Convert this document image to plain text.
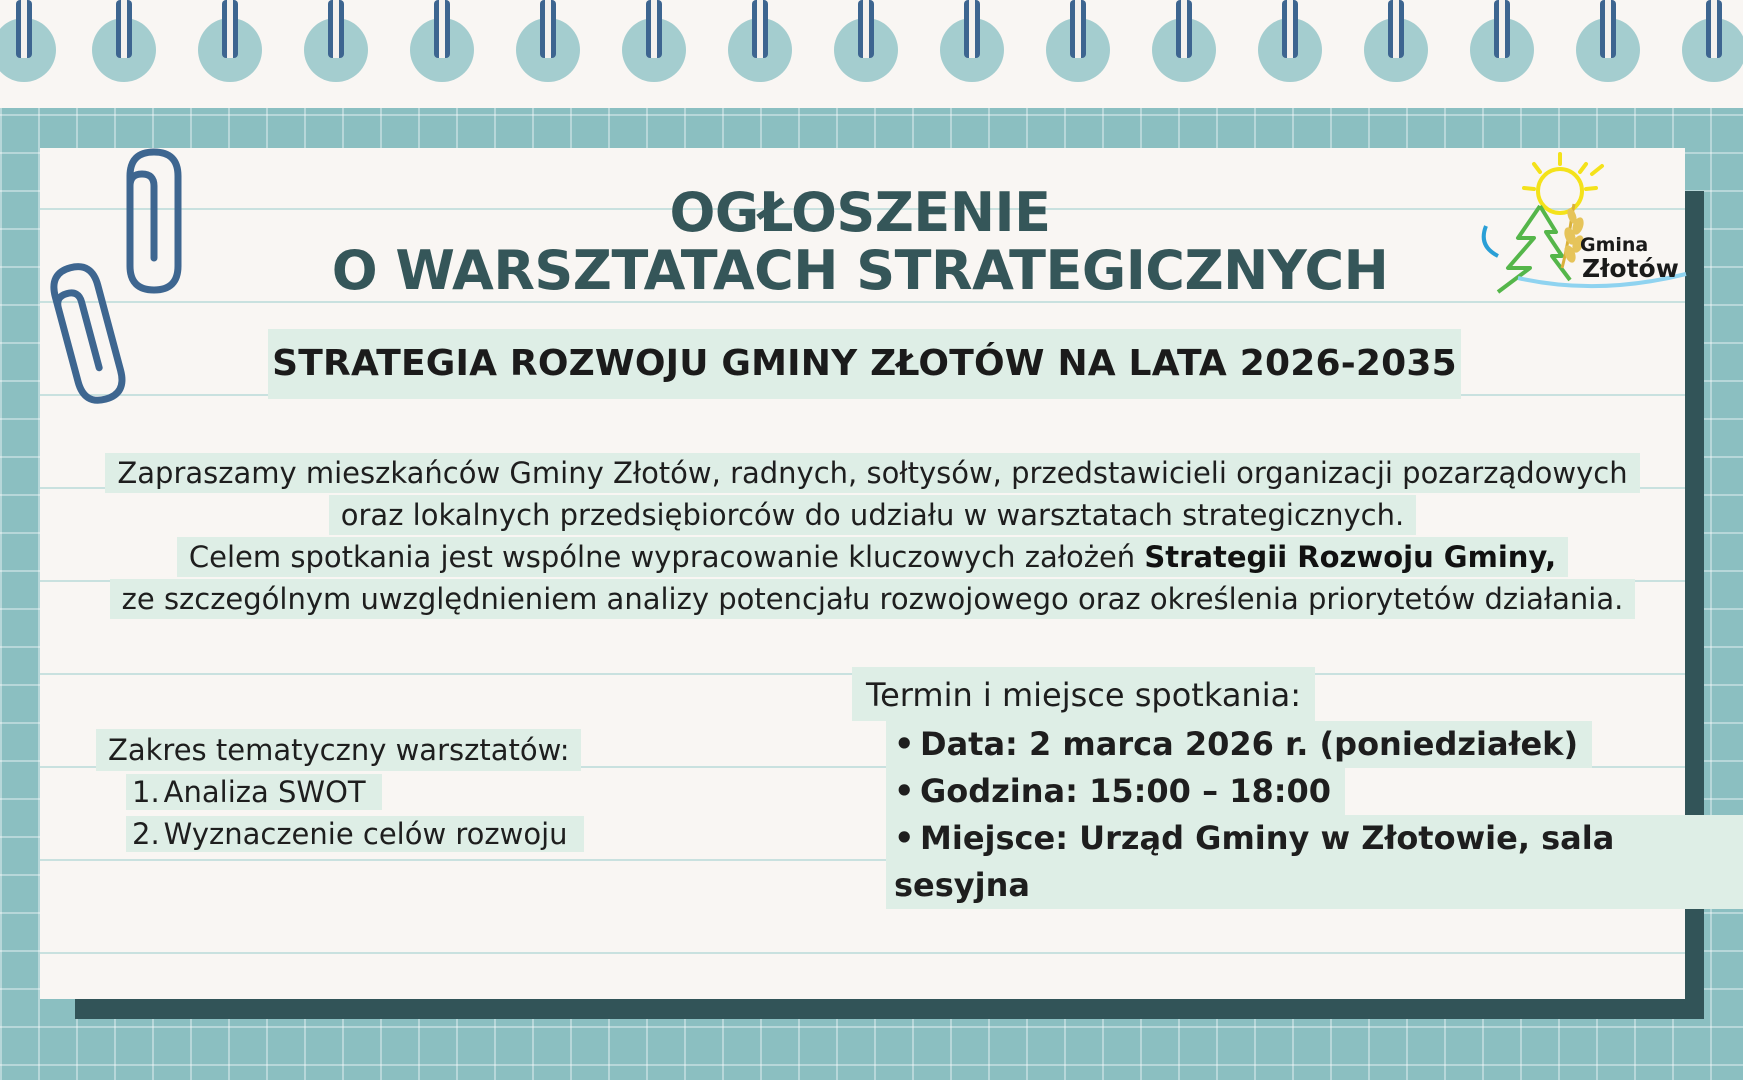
Gmina
Złotów
OGŁOSZENIE
O WARSZTATACH STRATEGICZNYCH
STRATEGIA ROZWOJU GMINY ZŁOTÓW NA LATA 2026-2035
Zapraszamy mieszkańców Gminy Złotów, radnych, sołtysów, przedstawicieli organizacji pozarządowych
oraz lokalnych przedsiębiorców do udziału w warsztatach strategicznych.
Celem spotkania jest wspólne wypracowanie kluczowych założeń Strategii Rozwoju Gminy,
ze szczególnym uwzględnieniem analizy potencjału rozwojowego oraz określenia priorytetów działania.
Zakres tematyczny warsztatów:
1. Analiza SWOT
2. Wyznaczenie celów rozwoju
Termin i miejsce spotkania:
• Data: 2 marca 2026 r. (poniedziałek)
• Godzina: 15:00 – 18:00
• Miejsce: Urząd Gminy w Złotowie, sala sesyjna
